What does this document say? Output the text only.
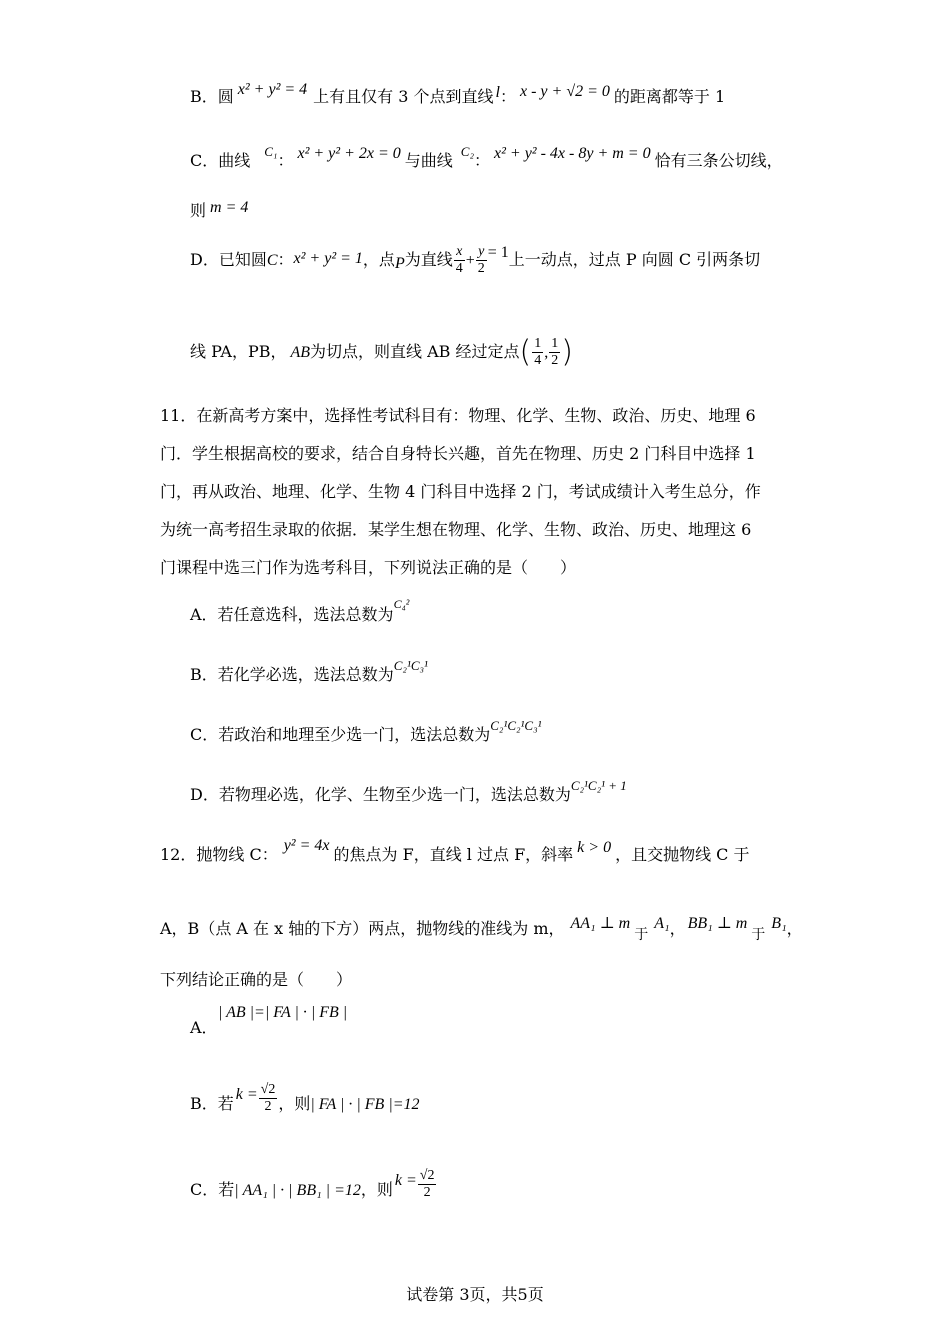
B．圆 x² + y² = 4 上有且仅有 3 个点到直线 l： x - y + √2 = 0 的距离都等于 1
C．曲线 $^{C_1}$： x² + y² + 2x = 0 与曲线 $^{C_2}$： x² + y² - 4x - 8y + m = 0 恰有三条公切线，
则 m = 4
D．已知圆C：x² + y² = 1，点P为直线 $\frac{x}{4} + \frac{y}{2} = 1$上一动点，过点 P 向圆 C 引两条切
线 PA，PB， AB为切点，则直线 AB 经过定点( $\frac{1}{4}$ , $\frac{1}{2}$ )
11．在新高考方案中，选择性考试科目有：物理、化学、生物、政治、历史、地理 6
门．学生根据高校的要求，结合自身特长兴趣，首先在物理、历史 2 门科目中选择 1
门，再从政治、地理、化学、生物 4 门科目中选择 2 门，考试成绩计入考生总分，作
为统一高考招生录取的依据．某学生想在物理、化学、生物、政治、历史、地理这 6
门课程中选三门作为选考科目，下列说法正确的是（　　）
A．若任意选科，选法总数为$^{C_4^2}$
B．若化学必选，选法总数为$^{C_2^1C_3^1}$
C．若政治和地理至少选一门，选法总数为$^{C_2^1C_2^1C_3^1}$
D．若物理必选，化学、生物至少选一门，选法总数为$^{C_2^1C_2^1 + 1}$
12．抛物线 C： y² = 4x 的焦点为 F，直线 l 过点 F，斜率 k > 0 ，且交抛物线 C 于
A，B（点 A 在 x 轴的下方）两点，抛物线的准线为 m， AA₁ ⊥ m于A₁， BB₁ ⊥ m于B₁，
下列结论正确的是（　　）
A．
| AB |=| FA | · | FB |
B．若 $k = \frac{√2}{2}$ ，则| FA | · | FB |=12
C．若| AA₁ | · | BB₁ | =12，则 $k = \frac{√2}{2}$
试卷第 3页，共5页
